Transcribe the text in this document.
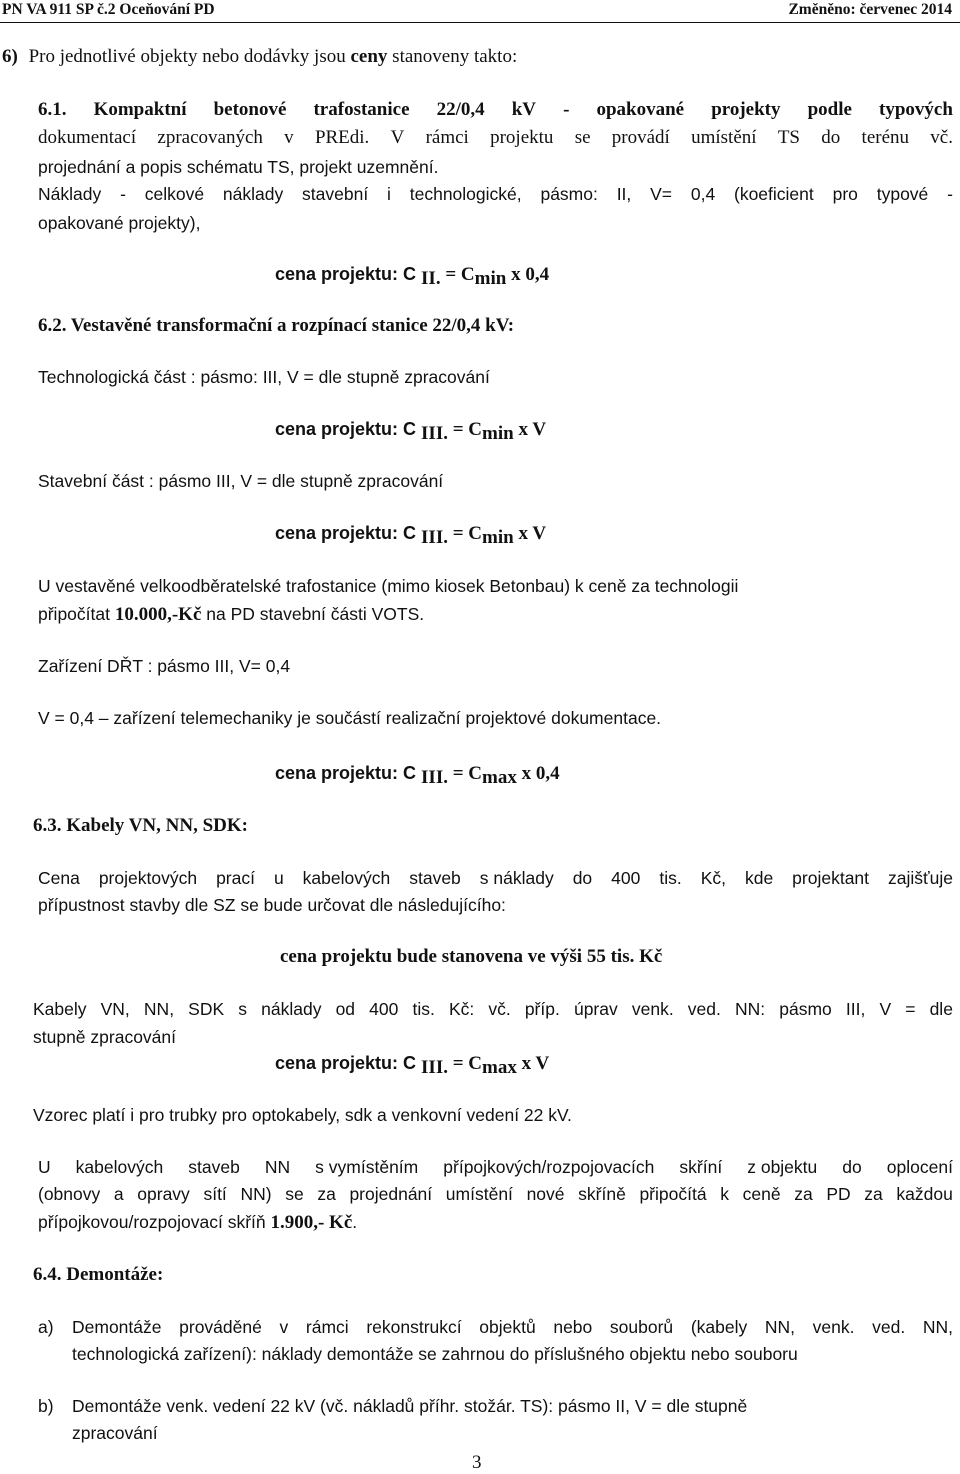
PN VA 911 SP č.2 Oceňování PD	Změněno: červenec 2014
6) Pro jednotlivé objekty nebo dodávky jsou ceny stanoveny takto:
6.1. Kompaktní betonové trafostanice 22/0,4 kV - opakované projekty podle typových
dokumentací zpracovaných v PREdi. V rámci projektu se provádí umístění TS do terénu vč.
projednání a popis schématu TS, projekt uzemnění.
Náklady - celkové náklady stavební i technologické, pásmo: II, V= 0,4 (koeficient pro typové -
opakované projekty),
cena projektu: C $_{II.} = C_{min}$ x 0,4
6.2. Vestavěné transformační a rozpínací stanice 22/0,4 kV:
Technologická část : pásmo: III, V = dle stupně zpracování
cena projektu: C $_{III.} = C_{min}$ x V
Stavební část : pásmo III, V = dle stupně zpracování
cena projektu: C $_{III.} = C_{min}$ x V
U vestavěné velkoodběratelské trafostanice (mimo kiosek Betonbau) k ceně za technologii
připočítat 10.000,-Kč na PD stavební části VOTS.
Zařízení DŘT : pásmo III, V= 0,4
V = 0,4 – zařízení telemechaniky je součástí realizační projektové dokumentace.
cena projektu: C $_{III.} = C_{max}$ x 0,4
6.3. Kabely VN, NN, SDK:
Cena projektových prací u kabelových staveb s náklady do 400 tis. Kč, kde projektant zajišťuje
přípustnost stavby dle SZ se bude určovat dle následujícího:
cena projektu bude stanovena ve výši 55 tis. Kč
Kabely VN, NN, SDK s náklady od 400 tis. Kč: vč. příp. úprav venk. ved. NN: pásmo III, V = dle
stupně zpracování
cena projektu: C $_{III.} = C_{max}$ x V
Vzorec platí i pro trubky pro optokabely, sdk a venkovní vedení 22 kV.
U kabelových staveb NN s vymístěním přípojkových/rozpojovacích skříní z objektu do oplocení
(obnovy a opravy sítí NN) se za projednání umístění nové skříně připočítá k ceně za PD za každou
přípojkovou/rozpojovací skříň 1.900,- Kč.
6.4. Demontáže:
a) Demontáže prováděné v rámci rekonstrukcí objektů nebo souborů (kabely NN, venk. ved. NN,
technologická zařízení): náklady demontáže se zahrnou do příslušného objektu nebo souboru
b) Demontáže venk. vedení 22 kV (vč. nákladů příhr. stožár. TS): pásmo II, V = dle stupně
zpracování
3
